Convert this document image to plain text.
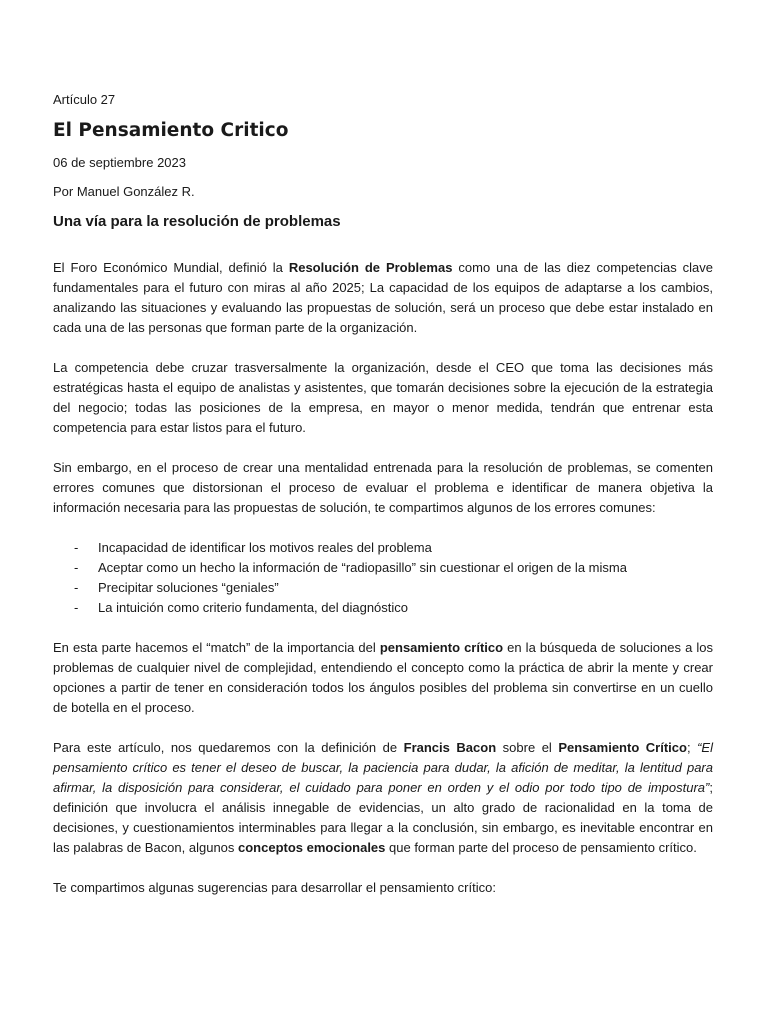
Artículo 27
El Pensamiento Critico
06 de septiembre 2023
Por Manuel González R.
Una vía para la resolución de problemas

El Foro Económico Mundial, definió la Resolución de Problemas como una de las diez competencias clave fundamentales para el futuro con miras al año 2025; La capacidad de los equipos de adaptarse a los cambios, analizando las situaciones y evaluando las propuestas de solución, será un proceso que debe estar instalado en cada una de las personas que forman parte de la organización.

La competencia debe cruzar trasversalmente la organización, desde el CEO que toma las decisiones más estratégicas hasta el equipo de analistas y asistentes, que tomarán decisiones sobre la ejecución de la estrategia del negocio; todas las posiciones de la empresa, en mayor o menor medida, tendrán que entrenar esta competencia para estar listos para el futuro.

Sin embargo, en el proceso de crear una mentalidad entrenada para la resolución de problemas, se comenten errores comunes que distorsionan el proceso de evaluar el problema e identificar de manera objetiva la información necesaria para las propuestas de solución, te compartimos algunos de los errores comunes:

- Incapacidad de identificar los motivos reales del problema
- Aceptar como un hecho la información de “radiopasillo” sin cuestionar el origen de la misma
- Precipitar soluciones “geniales”
- La intuición como criterio fundamenta, del diagnóstico

En esta parte hacemos el “match” de la importancia del pensamiento crítico en la búsqueda de soluciones a los problemas de cualquier nivel de complejidad, entendiendo el concepto como la práctica de abrir la mente y crear opciones a partir de tener en consideración todos los ángulos posibles del problema sin convertirse en un cuello de botella en el proceso.

Para este artículo, nos quedaremos con la definición de Francis Bacon sobre el Pensamiento Crítico; “El pensamiento crítico es tener el deseo de buscar, la paciencia para dudar, la afición de meditar, la lentitud para afirmar, la disposición para considerar, el cuidado para poner en orden y el odio por todo tipo de impostura”; definición que involucra el análisis innegable de evidencias, un alto grado de racionalidad en la toma de decisiones, y cuestionamientos interminables para llegar a la conclusión, sin embargo, es inevitable encontrar en las palabras de Bacon, algunos conceptos emocionales que forman parte del proceso de pensamiento crítico.

Te compartimos algunas sugerencias para desarrollar el pensamiento crítico:
